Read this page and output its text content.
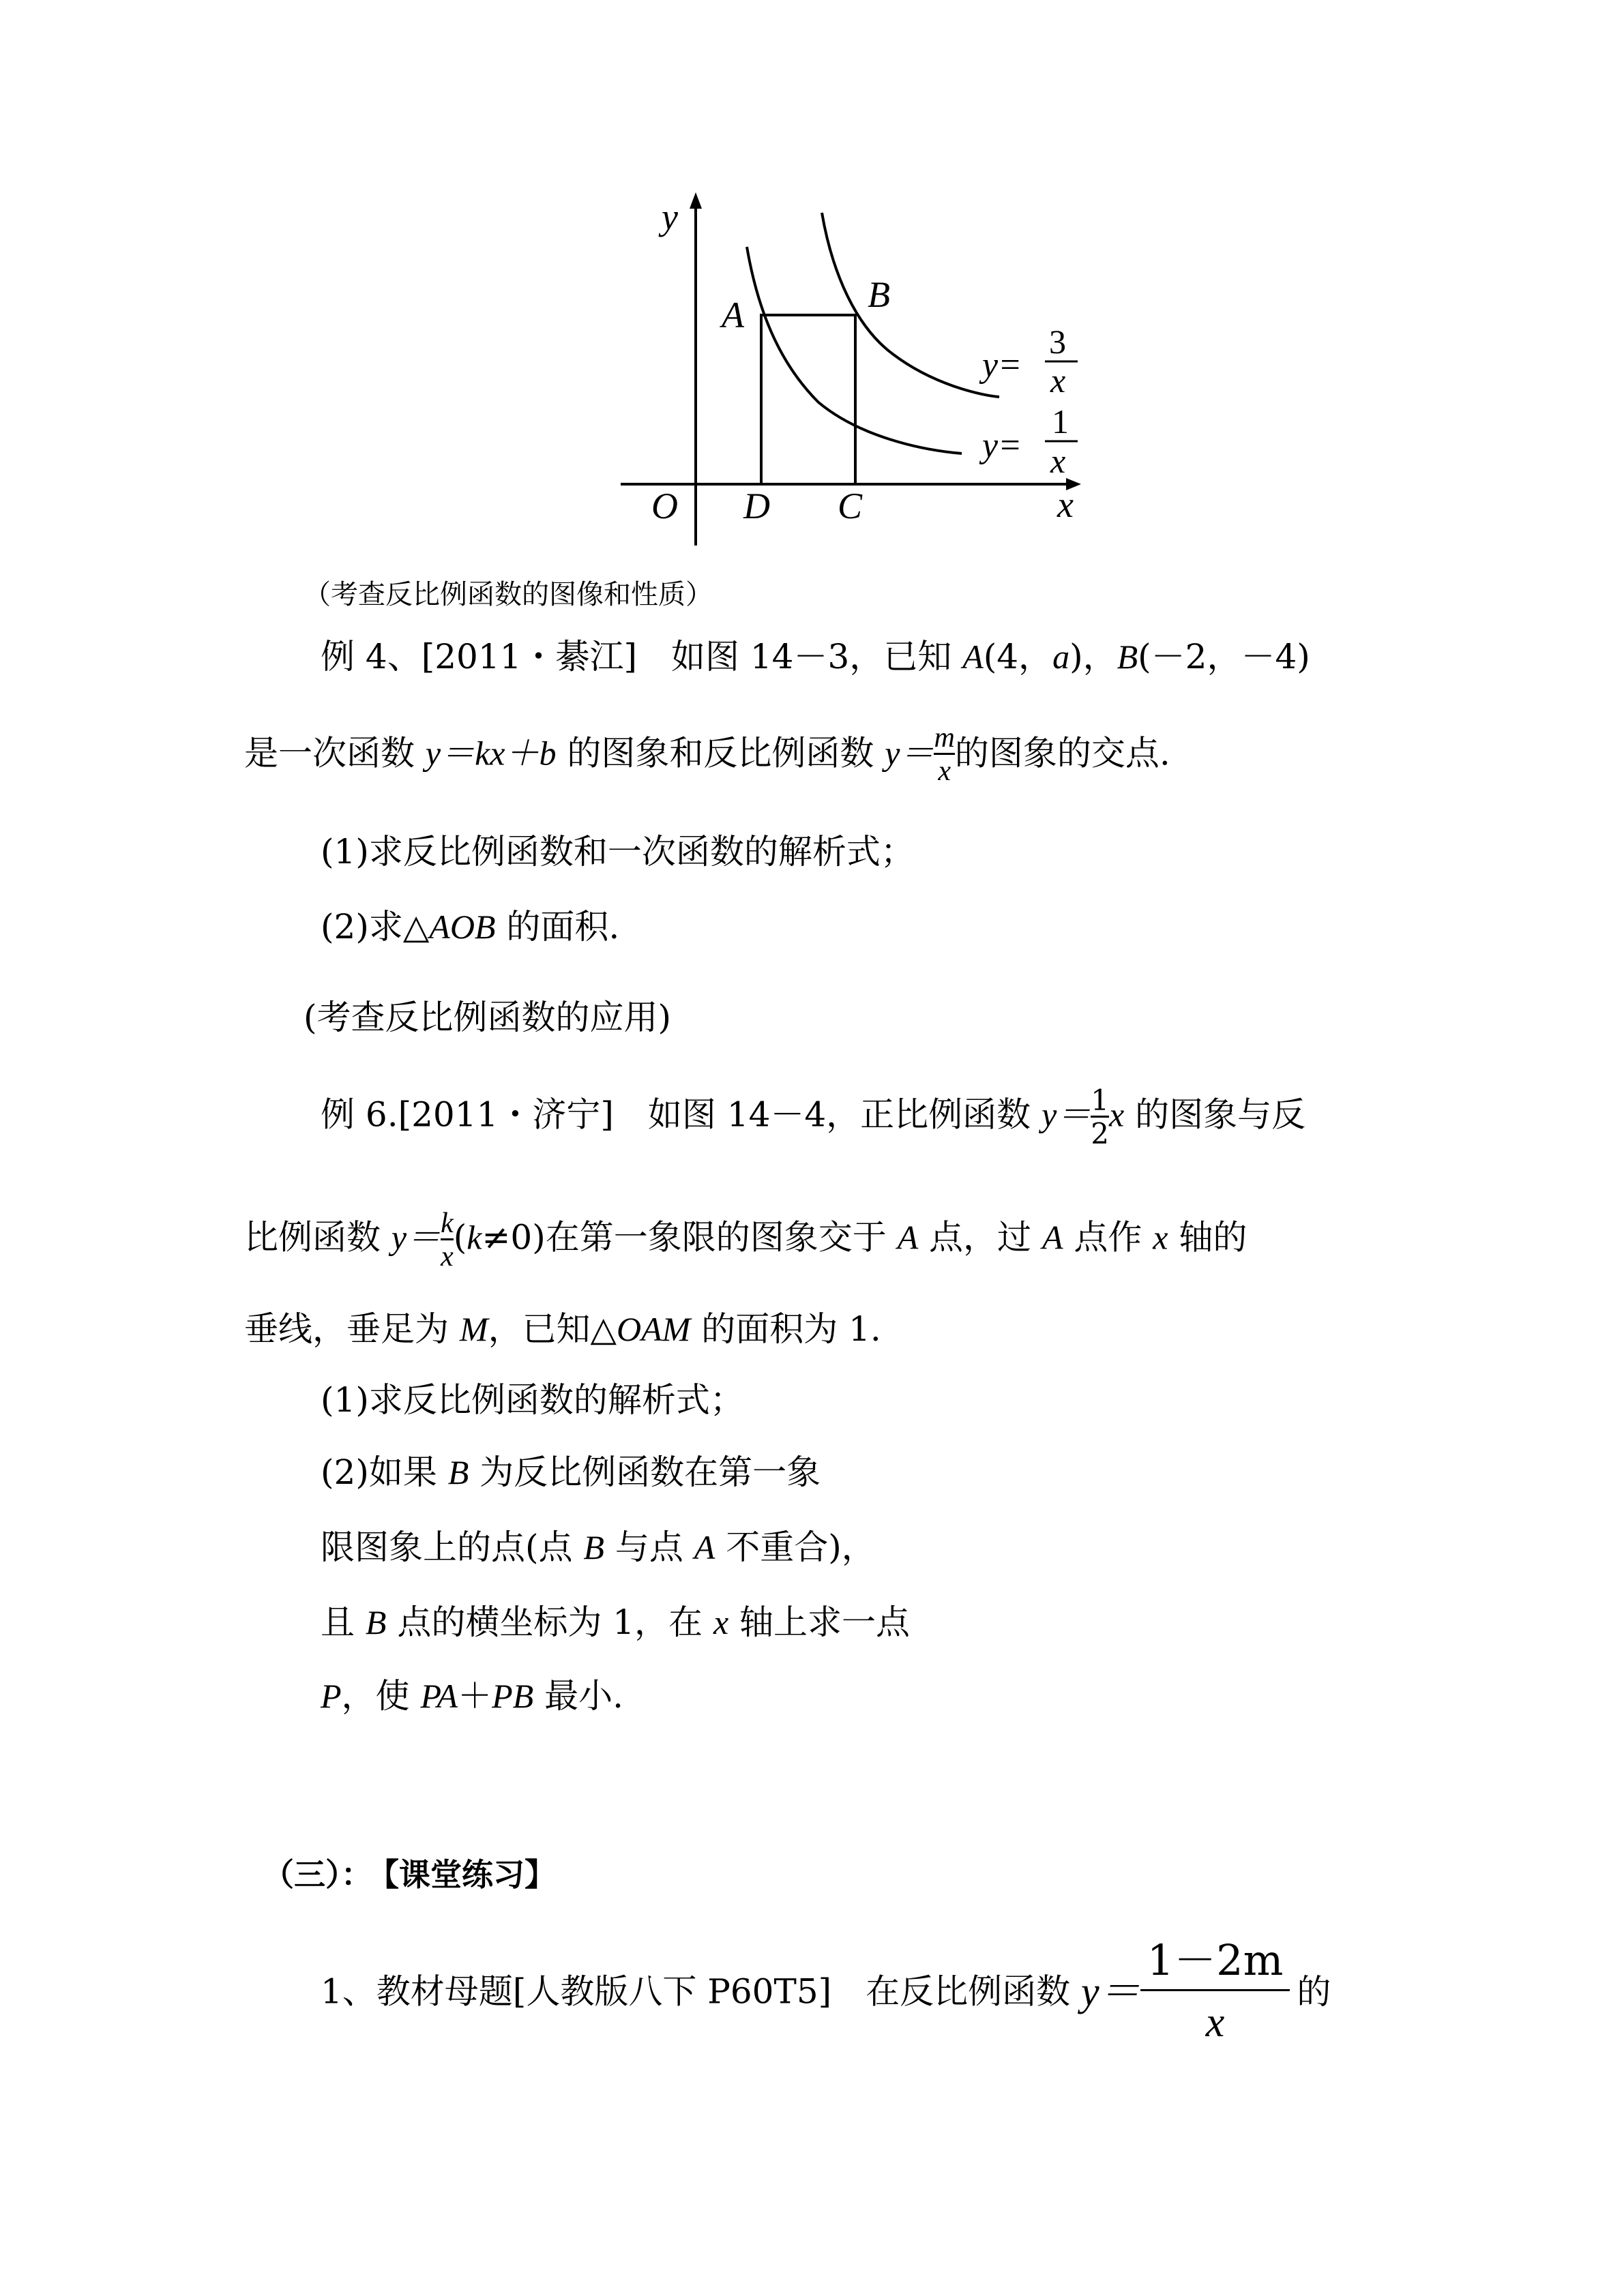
y
x
O
A	B
D C
y=
3
x
y=
1
x
（考查反比例函数的图像和性质）
例 4、[2011・綦江]　如图 14－3，已知 A(4，a)，B(－2，－4)
是一次函数 y＝kx＋b 的图象和反比例函数 $y= \frac{m}{x}$ 的图象的交点.
(1)求反比例函数和一次函数的解析式；
(2)求△AOB 的面积.
(考查反比例函数的应用)
例 6.[2011・济宁]　如图 14－4，正比例函数 $y= \frac{1}{2}$ x 的图象与反
比例函数 $y= \frac{k}{x} (k\ne 0)$在第一象限的图象交于 A 点，过 A 点作 x 轴的
垂线，垂足为 M，已知△OAM 的面积为 1.
(1)求反比例函数的解析式；
(2)如果 B 为反比例函数在第一象
限图象上的点(点 B 与点 A 不重合)，
且 B 点的横坐标为 1，在 x 轴上求一点
P，使 PA＋PB 最小.
（三）： 【课堂练习】
1、教材母题[人教版八下 P60T5]　在反比例函数 $y= \frac{1-2m}{x}$ 的
